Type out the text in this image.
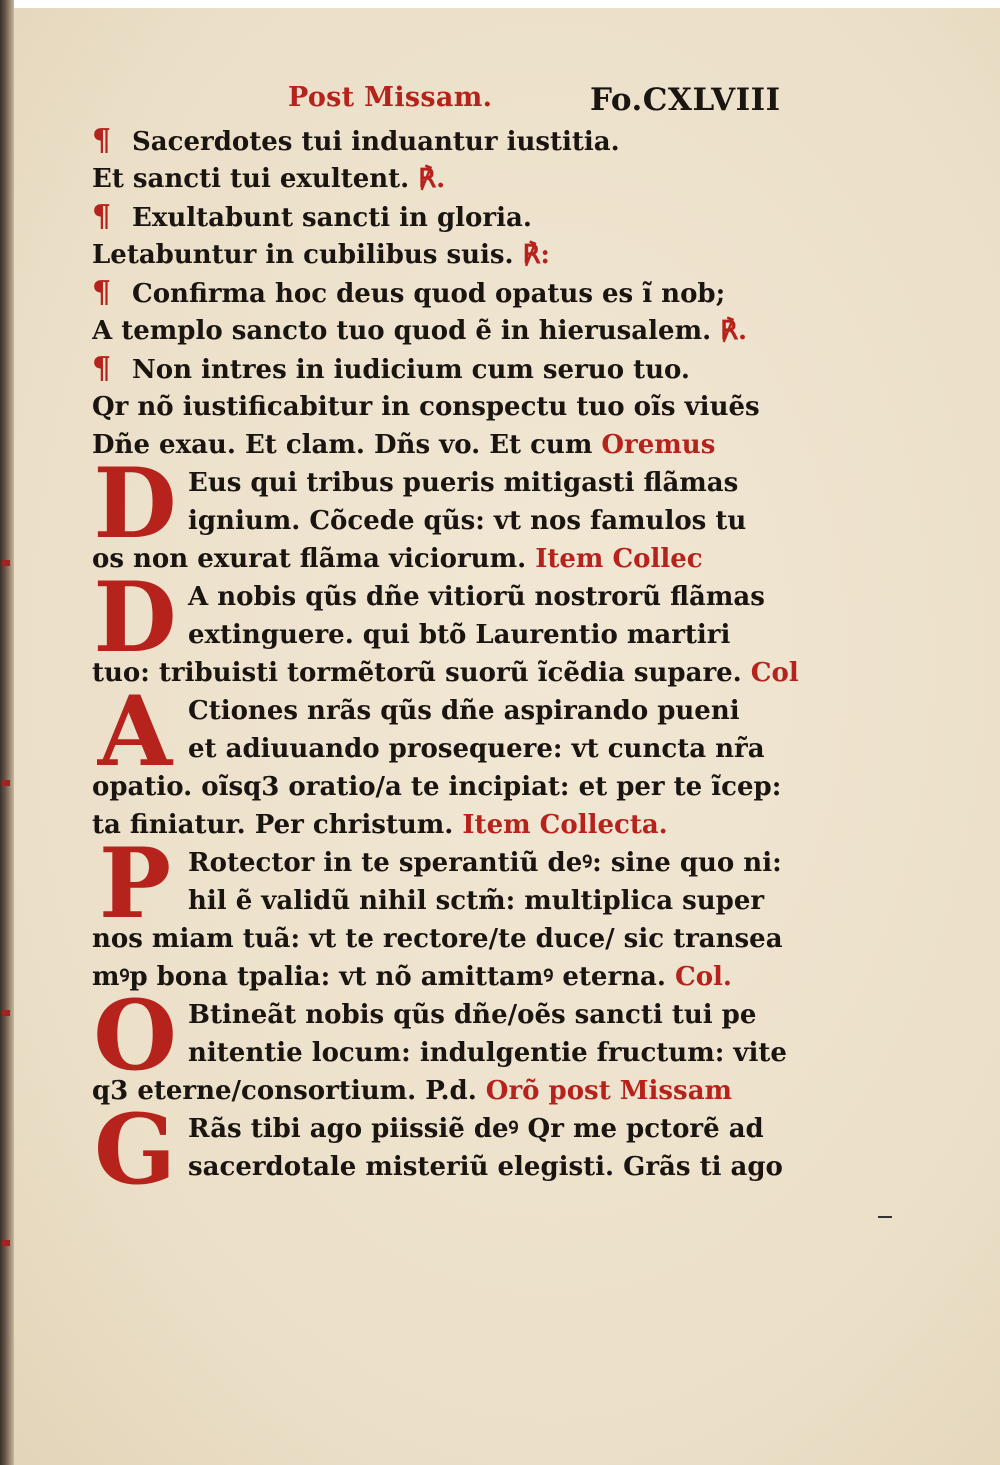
Post Missam.	Fo.CXLVIII
¶ Sacerdotes tui induantur iustitia.
Et sancti tui exultent. ℟.
¶ Exultabunt sancti in gloria.
Letabuntur in cubilibus suis. ℟:
¶ Confirma hoc deus quod opatus es ĩ nob;
A templo sancto tuo quod ẽ in hierusalem. ℟.
¶ Non intres in iudicium cum seruo tuo.
Qr nõ iustificabitur in conspectu tuo oĩs viuẽs
Dñe exau. Et clam. Dñs vo. Et cum Oremus
Eus qui tribus pueris mitigasti flãmas
ignium. Cõcede qũs: vt nos famulos tu
os non exurat flãma viciorum. Item Collec
A nobis qũs dñe vitiorũ nostrorũ flãmas
extinguere. qui btõ Laurentio martiri
tuo: tribuisti tormẽtorũ suorũ ĩcẽdia supare. Col
Ctiones nrãs qũs dñe aspirando pueni
et adiuuando prosequere: vt cuncta nr̃a
opatio. oĩsq3 oratio/a te incipiat: et per te ĩcep:
ta finiatur. Per christum. Item Collecta.
Rotector in te sperantiũ deꝰ: sine quo ni:
hil ẽ validũ nihil sctm̃: multiplica super
nos miam tuã: vt te rectore/te duce/ sic transea
mꝰp bona tpalia: vt nõ amittamꝰ eterna. Col.
Btineãt nobis qũs dñe/oẽs sancti tui pe
nitentie locum: indulgentie fructum: vite
q3 eterne/consortium. P.d. Orõ post Missam
Rãs tibi ago piissiẽ deꝰ Qr me pctorẽ ad
sacerdotale misteriũ elegisti. Grãs ti ago
D
D
A
P
O
G
